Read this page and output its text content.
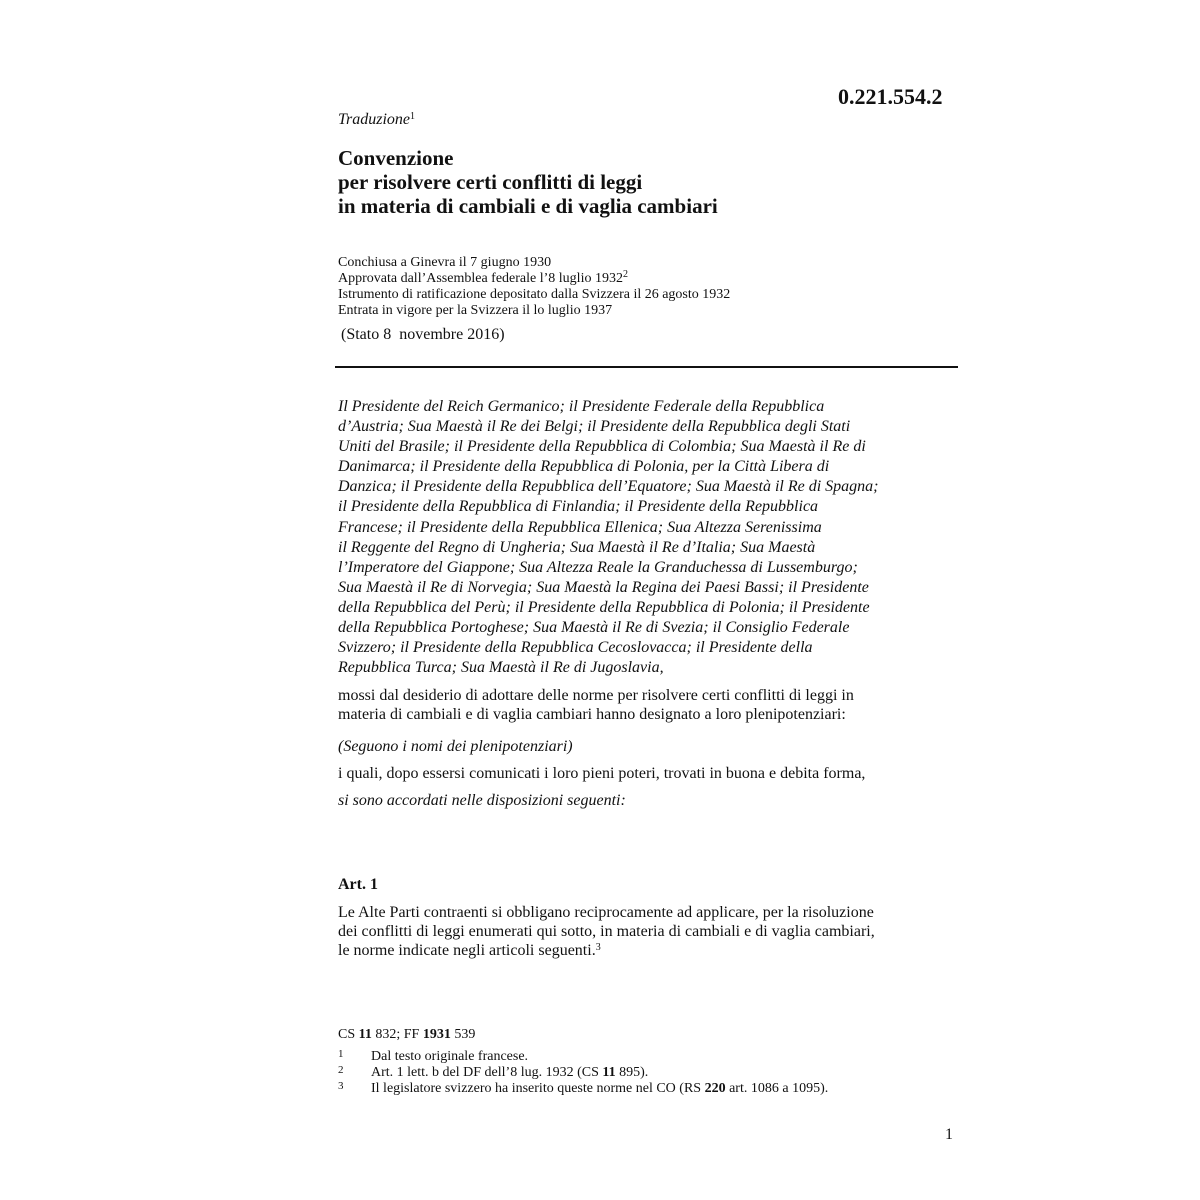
0.221.554.2
Traduzione$^1$
Convenzione
per risolvere certi conflitti di leggi
in materia di cambiali e di vaglia cambiari
Conchiusa a Ginevra il 7 giugno 1930
Approvata dall’Assemblea federale l’8 luglio 1932$^2$
Istrumento di ratificazione depositato dalla Svizzera il 26 agosto 1932
Entrata in vigore per la Svizzera il lo luglio 1937
(Stato 8  novembre 2016)
Il Presidente del Reich Germanico; il Presidente Federale della Repubblica
d’Austria; Sua Maestà il Re dei Belgi; il Presidente della Repubblica degli Stati
Uniti del Brasile; il Presidente della Repubblica di Colombia; Sua Maestà il Re di
Danimarca; il Presidente della Repubblica di Polonia, per la Città Libera di
Danzica; il Presidente della Repubblica dell’Equatore; Sua Maestà il Re di Spagna;
il Presidente della Repubblica di Finlandia; il Presidente della Repubblica
Francese; il Presidente della Repubblica Ellenica; Sua Altezza Serenissima
il Reggente del Regno di Ungheria; Sua Maestà il Re d’Italia; Sua Maestà
l’Imperatore del Giappone; Sua Altezza Reale la Granduchessa di Lussemburgo;
Sua Maestà il Re di Norvegia; Sua Maestà la Regina dei Paesi Bassi; il Presidente
della Repubblica del Perù; il Presidente della Repubblica di Polonia; il Presidente
della Repubblica Portoghese; Sua Maestà il Re di Svezia; il Consiglio Federale
Svizzero; il Presidente della Repubblica Cecoslovacca; il Presidente della
Repubblica Turca; Sua Maestà il Re di Jugoslavia,
mossi dal desiderio di adottare delle norme per risolvere certi conflitti di leggi in
materia di cambiali e di vaglia cambiari hanno designato a loro plenipotenziari:
(Seguono i nomi dei plenipotenziari)
i quali, dopo essersi comunicati i loro pieni poteri, trovati in buona e debita forma,
si sono accordati nelle disposizioni seguenti:
Art. 1
Le Alte Parti contraenti si obbligano reciprocamente ad applicare, per la risoluzione
dei conflitti di leggi enumerati qui sotto, in materia di cambiali e di vaglia cambiari,
le norme indicate negli articoli seguenti.$^3$
CS 11 832; FF 1931 539
1 Dal testo originale francese.
2 Art. 1 lett. b del DF dell’8 lug. 1932 (CS 11 895).
3 Il legislatore svizzero ha inserito queste norme nel CO (RS 220 art. 1086 a 1095).
1
